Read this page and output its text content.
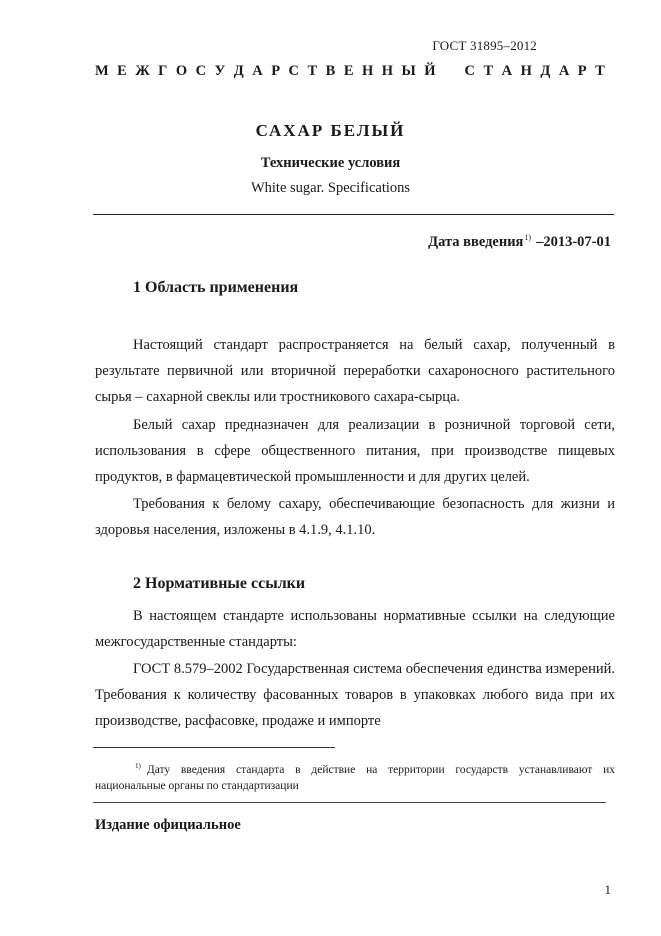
ГОСТ 31895–2012
М Е Ж Г О С У Д А Р С Т В Е Н Н Ы Й С Т А Н Д А Р Т
САХАР БЕЛЫЙ
Технические условия
White sugar. Specifications
Дата введения$^{1)}$ –2013-07-01
1 Область применения
Настоящий стандарт распространяется на белый сахар, полученный в результате первичной или вторичной переработки сахароносного растительного сырья – сахарной свеклы или тростникового сахара-сырца.
Белый сахар предназначен для реализации в розничной торговой сети, использования в сфере общественного питания, при производстве пищевых продуктов, в фармацевтической промышленности и для других целей.
Требования к белому сахару, обеспечивающие безопасность для жизни и здоровья населения, изложены в 4.1.9, 4.1.10.
2 Нормативные ссылки
В настоящем стандарте использованы нормативные ссылки на следующие межгосударственные стандарты:
ГОСТ 8.579–2002 Государственная система обеспечения единства измерений. Требования к количеству фасованных товаров в упаковках любого вида при их производстве, расфасовке, продаже и импорте
$^{1)}$ Дату введения стандарта в действие на территории государств устанавливают их национальные органы по стандартизации
Издание официальное
1
